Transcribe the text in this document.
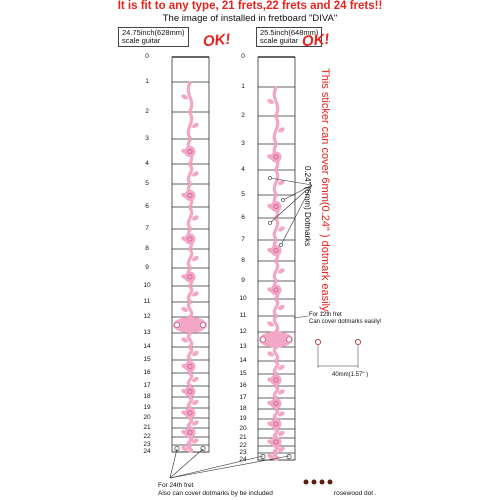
It is fit to any type, 21 frets,22 frets and 24 frets!!
The image of installed in fretboard "DIVA"
24.75inch(628mm)
scale guitar	OK!	25.5inch(648mm)
scale guitar OK!
0
1
2
3
4
5
6
7
8
9
10
11
12
13
14
15
16
17
18
19
20
21
22
23
24
0
1
2
3
4
5
6
7
8
9
10
11
12
13
14
15
16
17
18
19
20
21
22
23
24
This sticker can cover 6mm(0.24" ) dotmark easily.
0.24" (6mm) Dotmarks
For 12th fret
Can cover dotmarks easily!
40mm(1.57" )
For 24th fret
Also can cover dotmarks by be included	rosewood dot .
